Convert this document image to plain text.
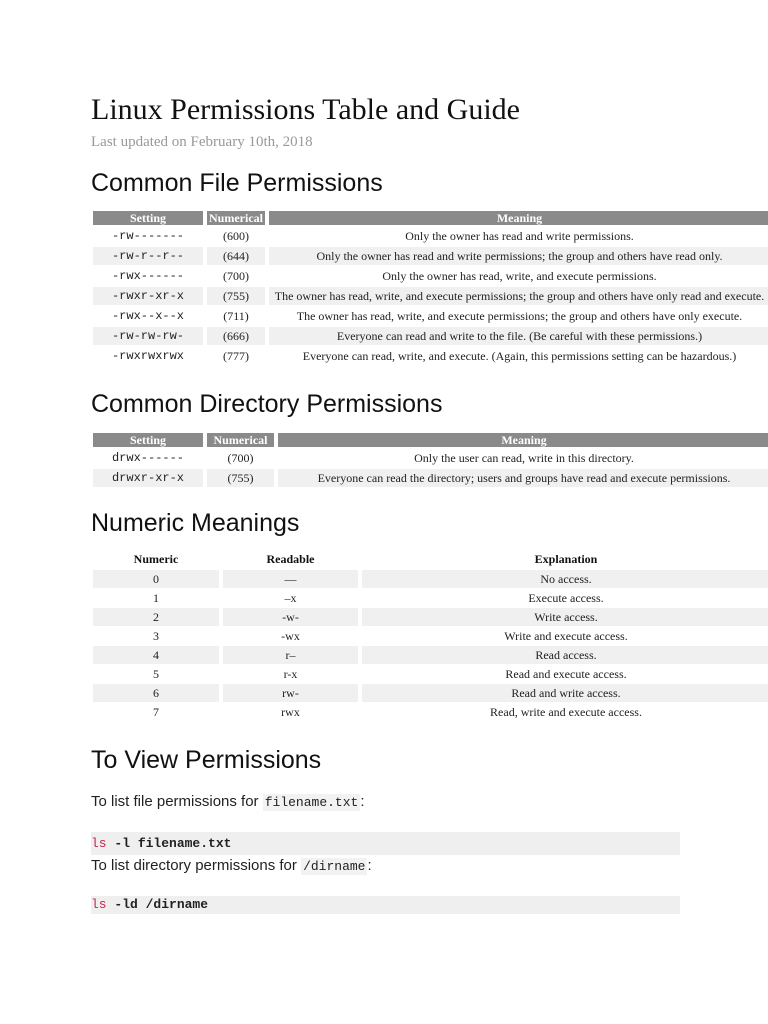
Linux Permissions Table and Guide
Last updated on February 10th, 2018
Common File Permissions
Setting	Numerical	Meaning
-rw-------	(600)	Only the owner has read and write permissions.
-rw-r--r--	(644)	Only the owner has read and write permissions; the group and others have read only.
-rwx------	(700)	Only the owner has read, write, and execute permissions.
-rwxr-xr-x	(755)	The owner has read, write, and execute permissions; the group and others have only read and execute.
-rwx--x--x	(711)	The owner has read, write, and execute permissions; the group and others have only execute.
-rw-rw-rw-	(666)	Everyone can read and write to the file. (Be careful with these permissions.)
-rwxrwxrwx	(777)	Everyone can read, write, and execute. (Again, this permissions setting can be hazardous.)
Common Directory Permissions
Setting	Numerical	Meaning
drwx------	(700)	Only the user can read, write in this directory.
drwxr-xr-x	(755)	Everyone can read the directory; users and groups have read and execute permissions.
Numeric Meanings
Numeric	Readable	Explanation
0	—	No access.
1	–x	Execute access.
2	-w-	Write access.
3	-wx	Write and execute access.
4	r–	Read access.
5	r-x	Read and execute access.
6	rw-	Read and write access.
7	rwx	Read, write and execute access.
To View Permissions

To list file permissions for filename.txt :

ls -l filename.txt

To list directory permissions for /dirname :

ls -ld /dirname
